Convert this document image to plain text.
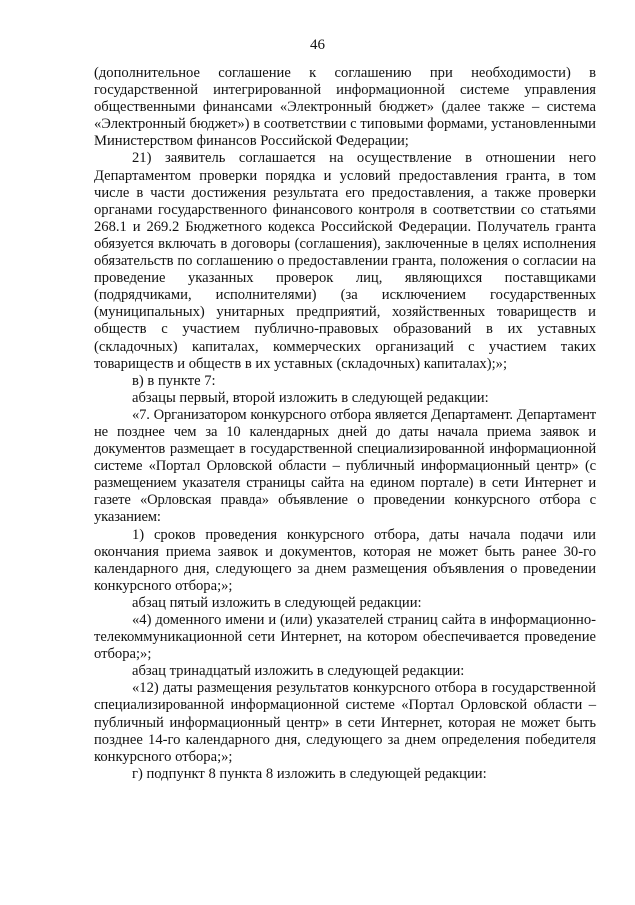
46

(дополнительное соглашение к соглашению при необходимости) в государственной интегрированной информационной системе управления общественными финансами «Электронный бюджет» (далее также – система «Электронный бюджет») в соответствии с типовыми формами, установленными Министерством финансов Российской Федерации;

21) заявитель соглашается на осуществление в отношении него Департаментом проверки порядка и условий предоставления гранта, в том числе в части достижения результата его предоставления, а также проверки органами государственного финансового контроля в соответствии со статьями 268.1 и 269.2 Бюджетного кодекса Российской Федерации. Получатель гранта обязуется включать в договоры (соглашения), заключенные в целях исполнения обязательств по соглашению о предоставлении гранта, положения о согласии на проведение указанных проверок лиц, являющихся поставщиками (подрядчиками, исполнителями) (за исключением государственных (муниципальных) унитарных предприятий, хозяйственных товариществ и обществ с участием публично-правовых образований в их уставных (складочных) капиталах, коммерческих организаций с участием таких товариществ и обществ в их уставных (складочных) капиталах);»;

в) в пункте 7:

абзацы первый, второй изложить в следующей редакции:

«7. Организатором конкурсного отбора является Департамент. Департамент не позднее чем за 10 календарных дней до даты начала приема заявок и документов размещает в государственной специализированной информационной системе «Портал Орловской области – публичный информационный центр» (с размещением указателя страницы сайта на едином портале) в сети Интернет и газете «Орловская правда» объявление о проведении конкурсного отбора с указанием:

1) сроков проведения конкурсного отбора, даты начала подачи или окончания приема заявок и документов, которая не может быть ранее 30-го календарного дня, следующего за днем размещения объявления о проведении конкурсного отбора;»;

абзац пятый изложить в следующей редакции:

«4) доменного имени и (или) указателей страниц сайта в информационно-телекоммуникационной сети Интернет, на котором обеспечивается проведение отбора;»;

абзац тринадцатый изложить в следующей редакции:

«12) даты размещения результатов конкурсного отбора в государственной специализированной информационной системе «Портал Орловской области – публичный информационный центр» в сети Интернет, которая не может быть позднее 14-го календарного дня, следующего за днем определения победителя конкурсного отбора;»;

г) подпункт 8 пункта 8 изложить в следующей редакции:
